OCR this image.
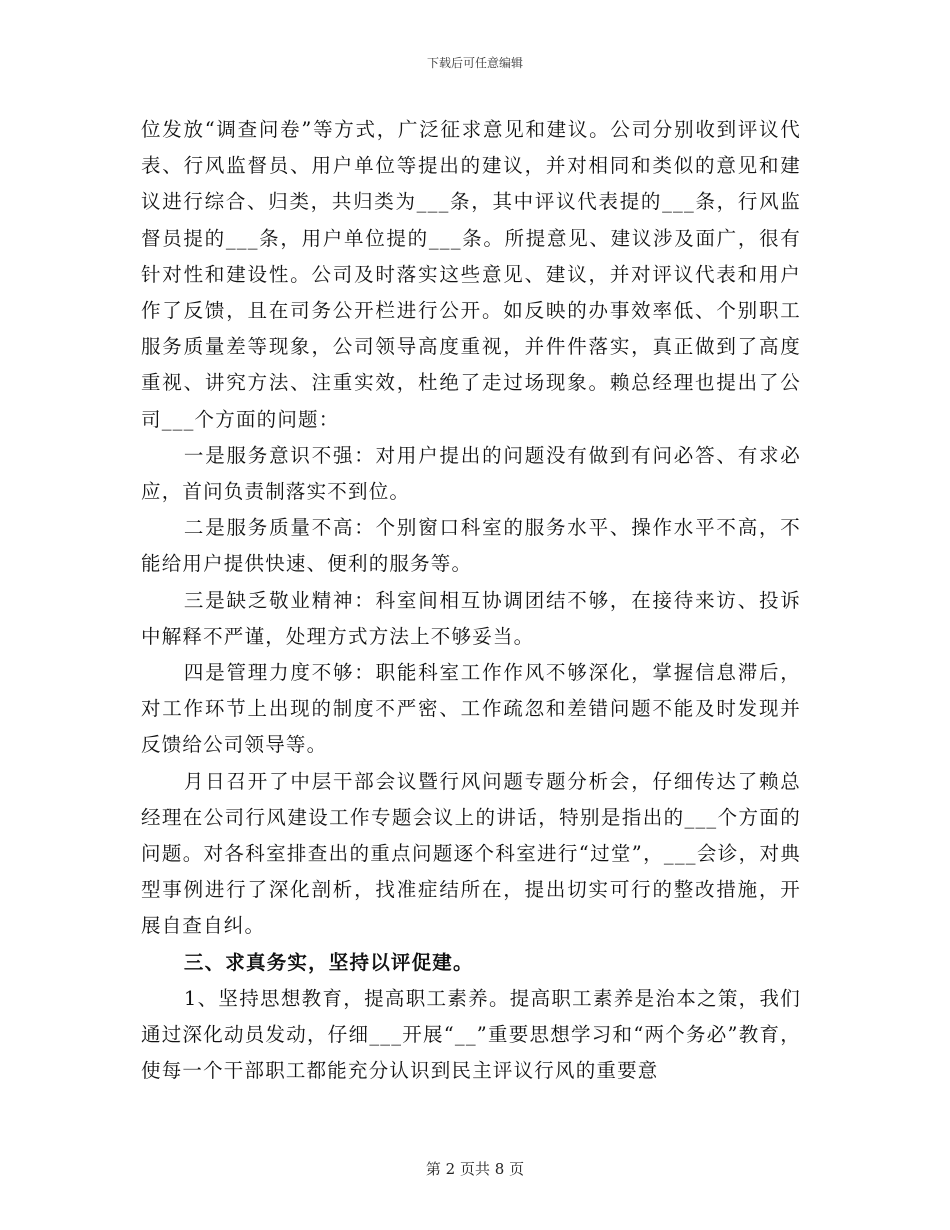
下载后可任意编辑

位发放“调查问卷”等方式，广泛征求意见和建议。公司分别收到评议代表、行风监督员、用户单位等提出的建议，并对相同和类似的意见和建议进行综合、归类，共归类为___条，其中评议代表提的___条，行风监督员提的___条，用户单位提的___条。所提意见、建议涉及面广，很有针对性和建设性。公司及时落实这些意见、建议，并对评议代表和用户作了反馈，且在司务公开栏进行公开。如反映的办事效率低、个别职工服务质量差等现象，公司领导高度重视，并件件落实，真正做到了高度重视、讲究方法、注重实效，杜绝了走过场现象。赖总经理也提出了公司___个方面的问题：

一是服务意识不强：对用户提出的问题没有做到有问必答、有求必应，首问负责制落实不到位。

二是服务质量不高：个别窗口科室的服务水平、操作水平不高，不能给用户提供快速、便利的服务等。

三是缺乏敬业精神：科室间相互协调团结不够，在接待来访、投诉中解释不严谨，处理方式方法上不够妥当。

四是管理力度不够：职能科室工作作风不够深化，掌握信息滞后，对工作环节上出现的制度不严密、工作疏忽和差错问题不能及时发现并反馈给公司领导等。

月日召开了中层干部会议暨行风问题专题分析会，仔细传达了赖总经理在公司行风建设工作专题会议上的讲话，特别是指出的___个方面的问题。对各科室排查出的重点问题逐个科室进行“过堂”，___会诊，对典型事例进行了深化剖析，找准症结所在，提出切实可行的整改措施，开展自查自纠。

三、求真务实，坚持以评促建。

1、坚持思想教育，提高职工素养。提高职工素养是治本之策，我们通过深化动员发动，仔细___开展“__”重要思想学习和“两个务必”教育，使每一个干部职工都能充分认识到民主评议行风的重要意

第 2 页共 8 页
